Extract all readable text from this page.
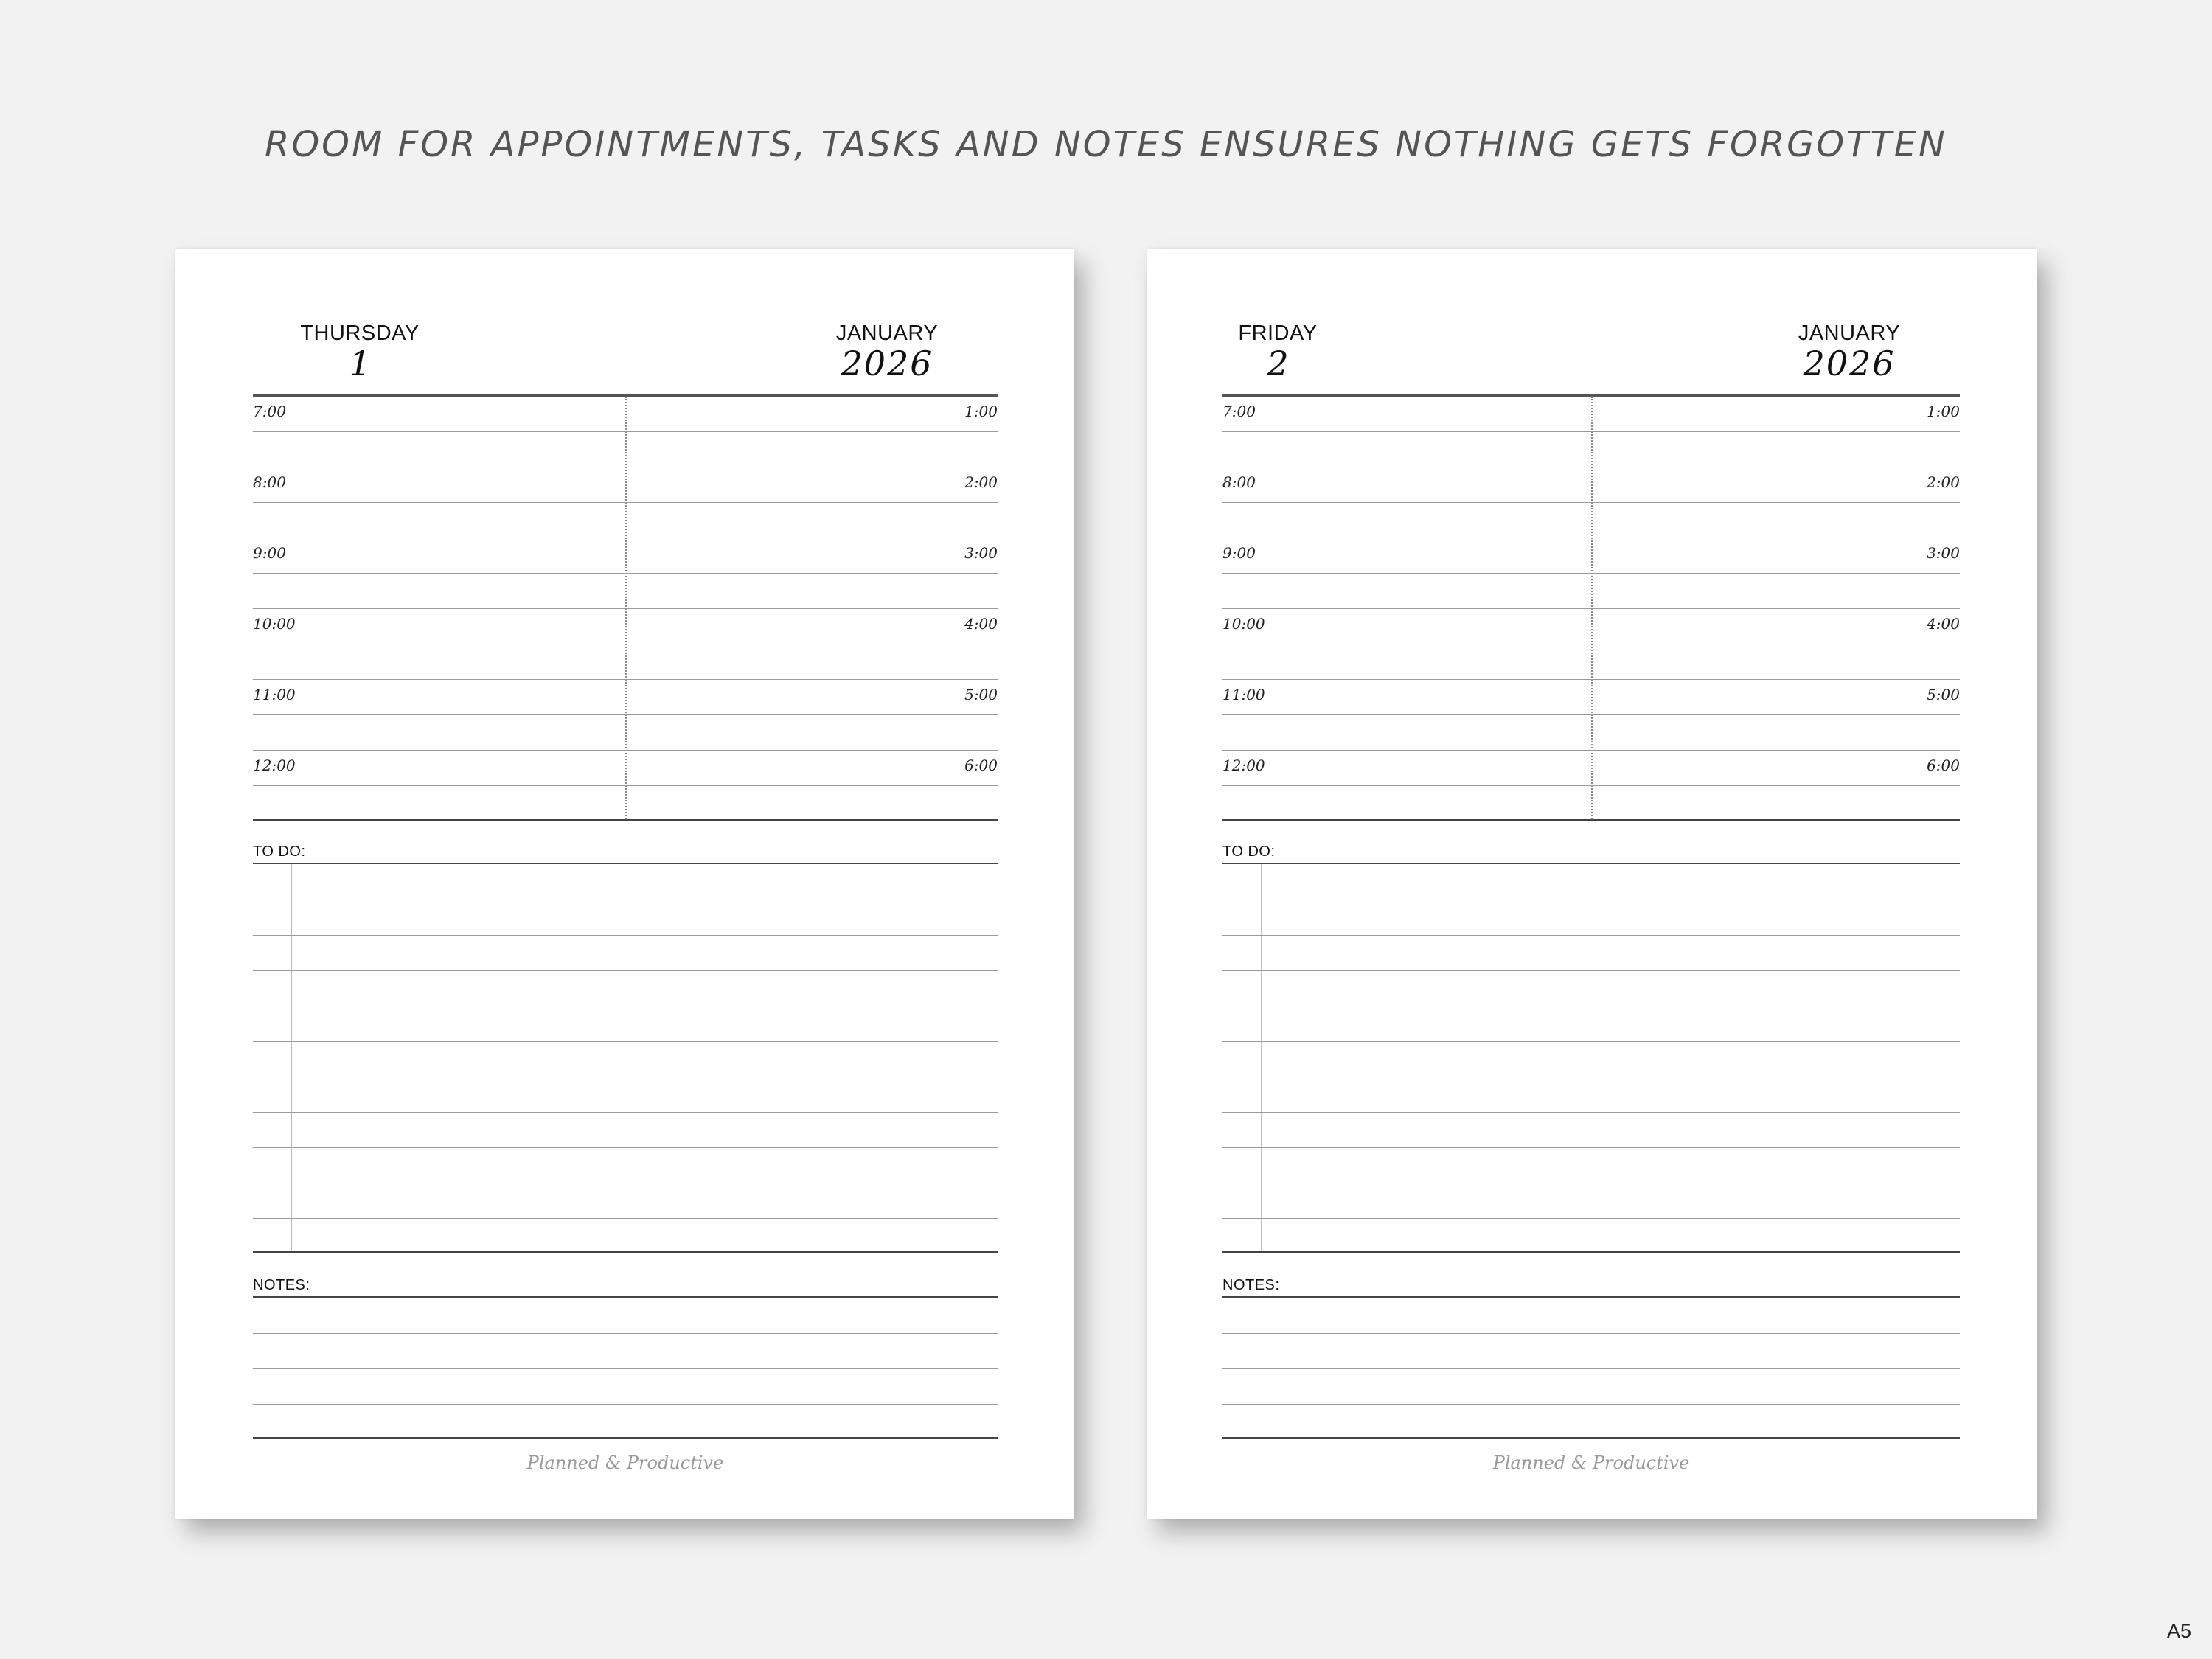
ROOM FOR APPOINTMENTS, TASKS AND NOTES ENSURES NOTHING GETS FORGOTTEN
THURSDAY
1
JANUARY
2026
7:00	1:00
8:00	2:00
9:00	3:00
10:00	4:00
11:00	5:00
12:00	6:00
TO DO:
NOTES:
Planned & Productive
FRIDAY
2
JANUARY
2026
7:00	1:00
8:00	2:00
9:00	3:00
10:00	4:00
11:00	5:00
12:00	6:00
TO DO:
NOTES:
Planned & Productive
A5
